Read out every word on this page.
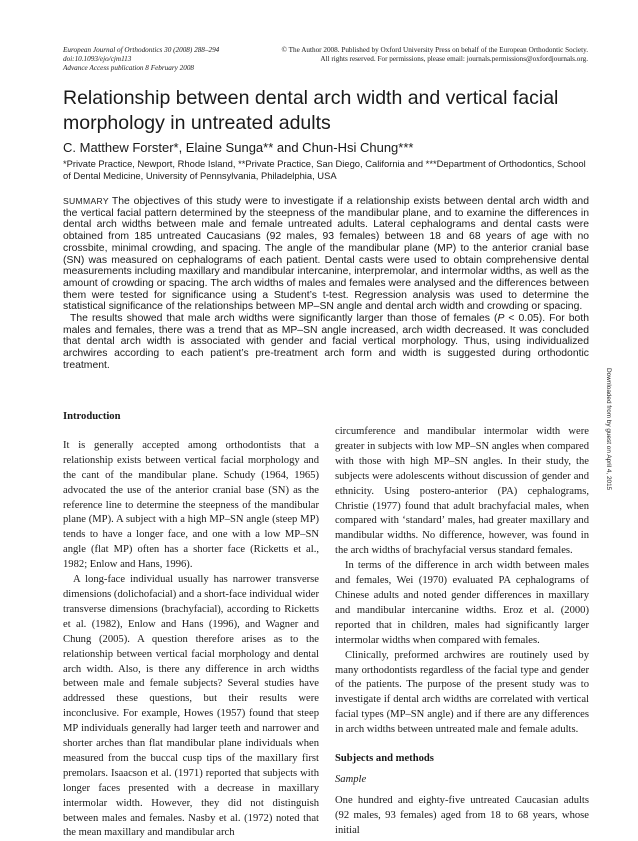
European Journal of Orthodontics 30 (2008) 288–294
doi:10.1093/ejo/cjm113
Advance Access publication 8 February 2008
© The Author 2008. Published by Oxford University Press on behalf of the European Orthodontic Society.
All rights reserved. For permissions, please email: journals.permissions@oxfordjournals.org.
Relationship between dental arch width and vertical facial morphology in untreated adults
C. Matthew Forster*, Elaine Sunga** and Chun-Hsi Chung***
*Private Practice, Newport, Rhode Island, **Private Practice, San Diego, California and ***Department of Orthodontics, School of Dental Medicine, University of Pennsylvania, Philadelphia, USA

SUMMARY The objectives of this study were to investigate if a relationship exists between dental arch width and the vertical facial pattern determined by the steepness of the mandibular plane, and to examine the differences in dental arch widths between male and female untreated adults. Lateral cephalograms and dental casts were obtained from 185 untreated Caucasians (92 males, 93 females) between 18 and 68 years of age with no crossbite, minimal crowding, and spacing. The angle of the mandibular plane (MP) to the anterior cranial base (SN) was measured on cephalograms of each patient. Dental casts were used to obtain comprehensive dental measurements including maxillary and mandibular intercanine, interpremolar, and intermolar widths, as well as the amount of crowding or spacing. The arch widths of males and females were analysed and the differences between them were tested for significance using a Student’s t-test. Regression analysis was used to determine the statistical significance of the relationships between MP–SN angle and dental arch width and crowding or spacing.

The results showed that male arch widths were significantly larger than those of females (P < 0.05). For both males and females, there was a trend that as MP–SN angle increased, arch width decreased. It was concluded that dental arch width is associated with gender and facial vertical morphology. Thus, using individualized archwires according to each patient’s pre-treatment arch form and width is suggested during orthodontic treatment.

Introduction

It is generally accepted among orthodontists that a relationship exists between vertical facial morphology and the cant of the mandibular plane. Schudy (1964, 1965) advocated the use of the anterior cranial base (SN) as the reference line to determine the steepness of the mandibular plane (MP). A subject with a high MP–SN angle (steep MP) tends to have a longer face, and one with a low MP–SN angle (flat MP) often has a shorter face (Ricketts et al., 1982; Enlow and Hans, 1996).

A long-face individual usually has narrower transverse dimensions (dolichofacial) and a short-face individual wider transverse dimensions (brachyfacial), according to Ricketts et al. (1982), Enlow and Hans (1996), and Wagner and Chung (2005). A question therefore arises as to the relationship between vertical facial morphology and dental arch width. Also, is there any difference in arch widths between male and female subjects? Several studies have addressed these questions, but their results were inconclusive. For example, Howes (1957) found that steep MP individuals generally had larger teeth and narrower and shorter arches than flat mandibular plane individuals when measured from the buccal cusp tips of the maxillary first premolars. Isaacson et al. (1971) reported that subjects with longer faces presented with a decrease in maxillary intermolar width. However, they did not distinguish between males and females. Nasby et al. (1972) noted that the mean maxillary and mandibular arch

circumference and mandibular intermolar width were greater in subjects with low MP–SN angles when compared with those with high MP–SN angles. In their study, the subjects were adolescents without discussion of gender and ethnicity. Using postero-anterior (PA) cephalograms, Christie (1977) found that adult brachyfacial males, when compared with ‘standard’ males, had greater maxillary and mandibular widths. No difference, however, was found in the arch widths of brachyfacial versus standard females.

In terms of the difference in arch width between males and females, Wei (1970) evaluated PA cephalograms of Chinese adults and noted gender differences in maxillary and mandibular intercanine widths. Eroz et al. (2000) reported that in children, males had significantly larger intermolar widths when compared with females.

Clinically, preformed archwires are routinely used by many orthodontists regardless of the facial type and gender of the patients. The purpose of the present study was to investigate if dental arch widths are correlated with vertical facial types (MP–SN angle) and if there are any differences in arch widths between untreated male and female adults.

Subjects and methods
Sample

One hundred and eighty-five untreated Caucasian adults (92 males, 93 females) aged from 18 to 68 years, whose initial

Downloaded from by guest on April 4, 2015
